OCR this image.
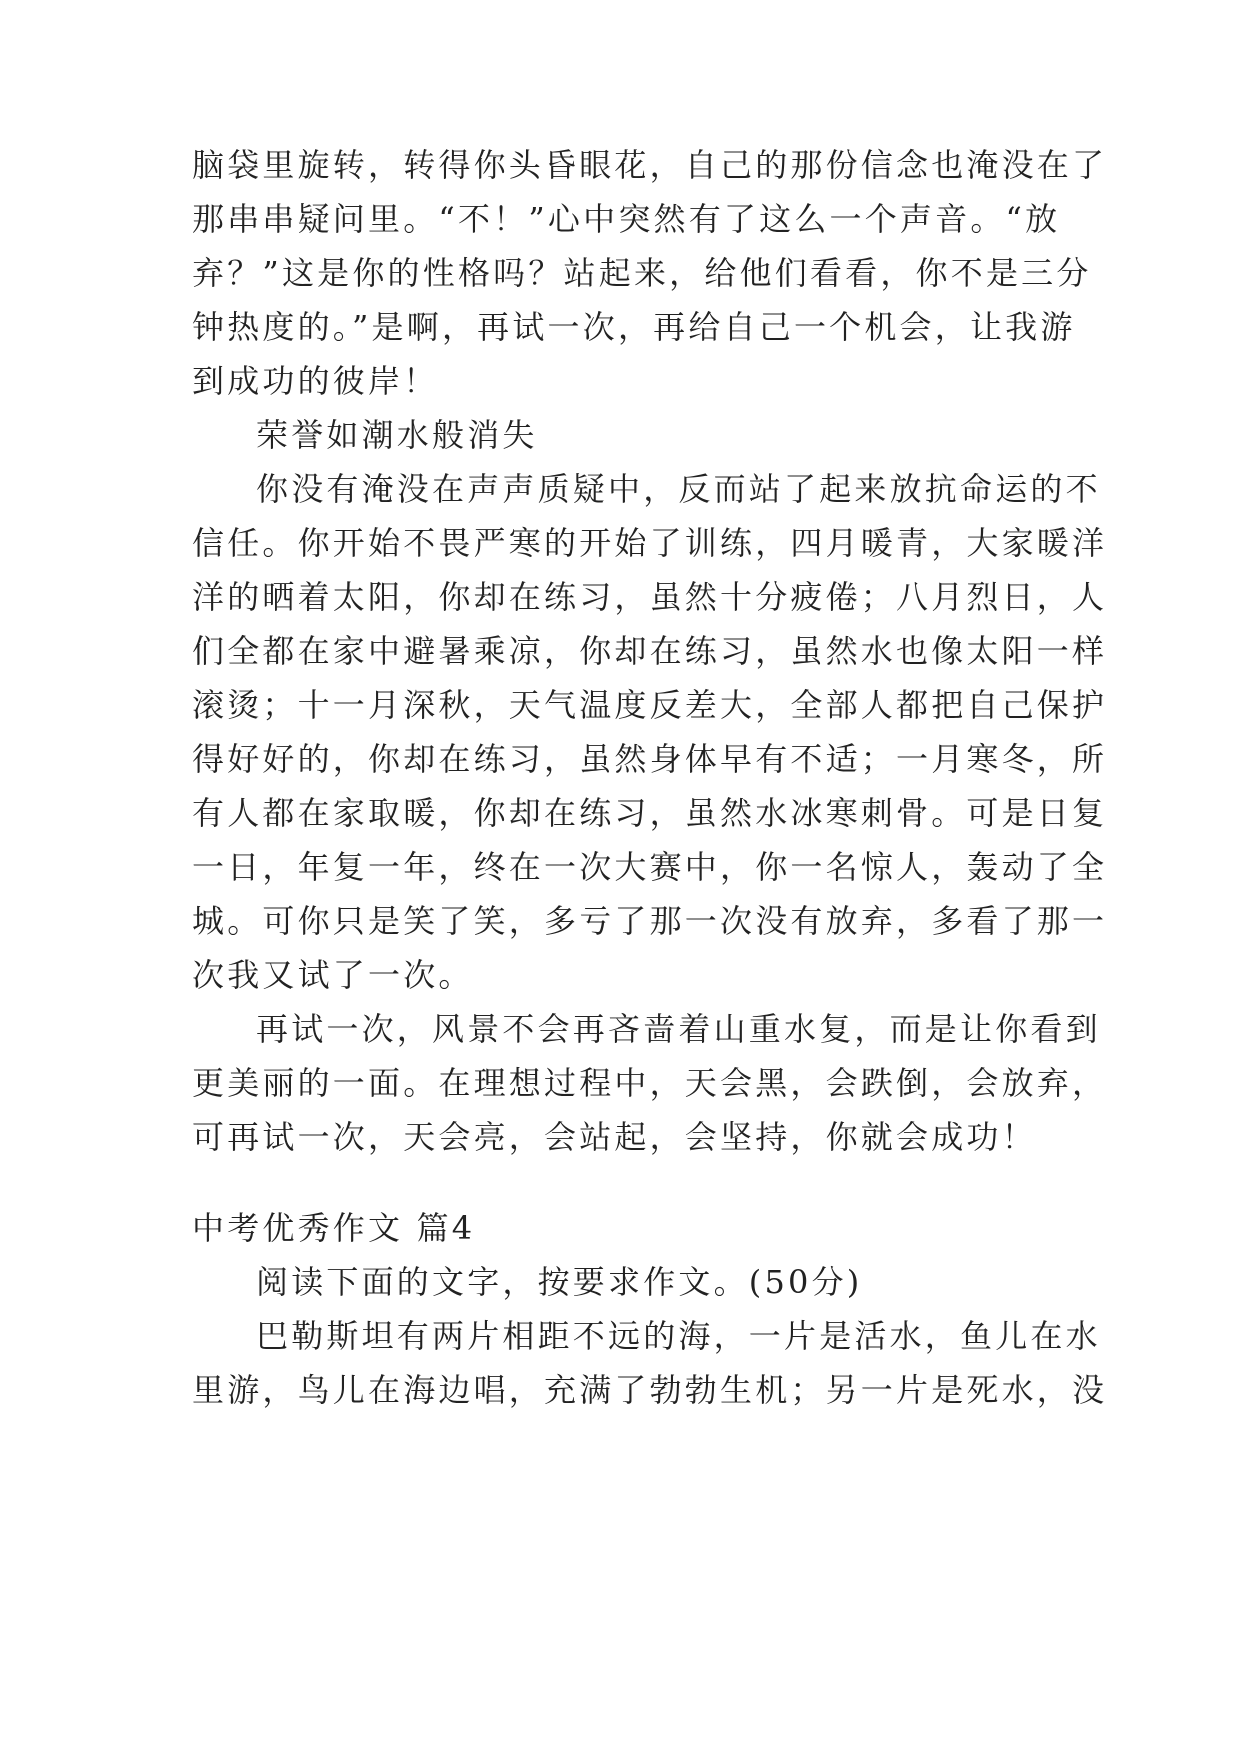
脑袋里旋转，转得你头昏眼花，自己的那份信念也淹没在了
那串串疑问里。“不！”心中突然有了这么一个声音。“放
弃？”这是你的性格吗？站起来，给他们看看，你不是三分
钟热度的。”是啊，再试一次，再给自己一个机会，让我游
到成功的彼岸！
荣誉如潮水般消失
你没有淹没在声声质疑中，反而站了起来放抗命运的不
信任。你开始不畏严寒的开始了训练，四月暖青，大家暖洋
洋的晒着太阳，你却在练习，虽然十分疲倦；八月烈日，人
们全都在家中避暑乘凉，你却在练习，虽然水也像太阳一样
滚烫；十一月深秋，天气温度反差大，全部人都把自己保护
得好好的，你却在练习，虽然身体早有不适；一月寒冬，所
有人都在家取暖，你却在练习，虽然水冰寒刺骨。可是日复
一日，年复一年，终在一次大赛中，你一名惊人，轰动了全
城。可你只是笑了笑，多亏了那一次没有放弃，多看了那一
次我又试了一次。
再试一次，风景不会再吝啬着山重水复，而是让你看到
更美丽的一面。在理想过程中，天会黑，会跌倒，会放弃，
可再试一次，天会亮，会站起，会坚持，你就会成功！
中考优秀作文 篇4
阅读下面的文字，按要求作文。(50分)
巴勒斯坦有两片相距不远的海，一片是活水，鱼儿在水
里游，鸟儿在海边唱，充满了勃勃生机；另一片是死水，没
